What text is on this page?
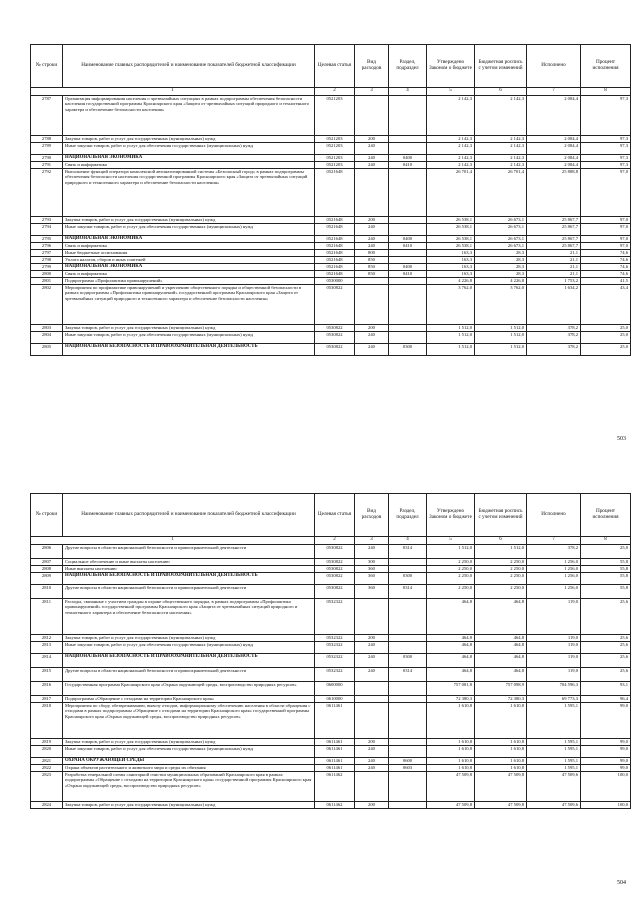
№ строки	Наименование главных распорядителей и наименование показателей бюджетной классификации	Целевая статья	Вид расходов	Раздел, подраздел	Утверждено Законом о бюджете	Бюджетная роспись с учетом изменений	Исполнено	Процент исполнения
1		2	3	4	5	6	7	8
2787	Организация информирования населения о чрезвычайных ситуациях в рамках подпрограммы обеспечения безопасности населения государственной программы Красноярского края «Защита от чрезвычайных ситуаций природного и техногенного характера и обеспечение безопасности населения»	0521203			2 142,3	2 142,3	2 084,4	97,3
2788	Закупка товаров, работ и услуг для государственных (муниципальных) нужд	0521203	200		2 142,3	2 142,3	2 084,4	97,3
2789	Иные закупки товаров, работ и услуг для обеспечения государственных (муниципальных) нужд	0521203	240		2 142,3	2 142,3	2 084,4	97,3
2790	НАЦИОНАЛЬНАЯ ЭКОНОМИКА	0521203	240	0400	2 142,3	2 142,3	2 084,4	97,3
2791	Связь и информатика	0521203	240	0410	2 142,3	2 142,3	2 084,4	97,3
2792	Выполнение функций оператора комплексной автоматизированной системы «Безопасный город» в рамках подпрограммы обеспечения безопасности населения государственной программы Красноярского края «Защита от чрезвычайных ситуаций природного и техногенного характера и обеспечение безопасности населения»	0521648			26 701,4	26 701,4	25 888,8	97,0
2793	Закупка товаров, работ и услуг для государственных (муниципальных) нужд	0521648	200		26 538,1	26 673,1	25 867,7	97,0
2794	Иные закупки товаров, работ и услуг для обеспечения государственных (муниципальных) нужд	0521648	240		26 538,1	26 673,1	25 867,7	97,0
2795	НАЦИОНАЛЬНАЯ ЭКОНОМИКА	0521648	240	0400	26 538,1	26 673,1	25 867,7	97,0
2796	Связь и информатика	0521648	240	0410	26 538,1	26 673,1	25 867,7	97,0
2797	Иные бюджетные ассигнования	0521648	800		163,3	28,3	21,1	74,6
2798	Уплата налогов, сборов и иных платежей	0521648	850		163,3	28,3	21,1	74,6
2799	НАЦИОНАЛЬНАЯ ЭКОНОМИКА	0521648	850	0400	163,3	28,3	21,1	74,6
2800	Связь и информатика	0521648	850	0410	163,3	28,3	21,1	74,6
2801	Подпрограмма «Профилактика правонарушений»	0530000			4 226,8	4 226,8	1 753,2	41,5
2802	Мероприятия по профилактике правонарушений и укреплению общественного порядка и общественной безопасности в рамках подпрограммы «Профилактика правонарушений» государственной программы Красноярского края «Защита от чрезвычайных ситуаций природного и техногенного характера и обеспечение безопасности населения»	0530822			3 762,0	3 762,0	1 634,2	43,4
2803	Закупка товаров, работ и услуг для государственных (муниципальных) нужд	0530822	200		1 512,0	1 512,0	378,2	25,0
2804	Иные закупки товаров, работ и услуг для обеспечения государственных (муниципальных) нужд	0530822	240		1 512,0	1 512,0	378,2	25,0
2805	НАЦИОНАЛЬНАЯ БЕЗОПАСНОСТЬ И ПРАВООХРАНИТЕЛЬНАЯ ДЕЯТЕЛЬНОСТЬ	0530822	240	0300	1 512,0	1 512,0	378,2	25,0
503
№ строки	Наименование главных распорядителей и наименование показателей бюджетной классификации	Целевая статья	Вид расходов	Раздел, подраздел	Утверждено Законом о бюджете	Бюджетная роспись с учетом изменений	Исполнено	Процент исполнения
1		2	3	4	5	6	7	8
2806	Другие вопросы в области национальной безопасности и правоохранительной деятельности	0530822	240	0314	1 512,0	1 512,0	378,2	25,0
2807	Социальное обеспечение и иные выплаты населению	0530822	300		2 250,0	2 250,0	1 256,0	55,8
2808	Иные выплаты населению	0530822	360		2 250,0	2 250,0	1 256,0	55,8
2809	НАЦИОНАЛЬНАЯ БЕЗОПАСНОСТЬ И ПРАВООХРАНИТЕЛЬНАЯ ДЕЯТЕЛЬНОСТЬ	0530822	360	0300	2 250,0	2 250,0	1 256,0	55,8
2810	Другие вопросы в области национальной безопасности и правоохранительной деятельности	0530822	360	0314	2 250,0	2 250,0	1 256,0	55,8
2811	Расходы, связанные с участием граждан в охране общественного порядка, в рамках подпрограммы «Профилактика правонарушений» государственной программы Красноярского края «Защита от чрезвычайных ситуаций природного и техногенного характера и обеспечение безопасности населения»	0532322			464,8	464,8	119,0	25,6
2812	Закупка товаров, работ и услуг для государственных (муниципальных) нужд	0532322	200		464,8	464,8	119,0	25,6
2813	Иные закупки товаров, работ и услуг для обеспечения государственных (муниципальных) нужд	0532322	240		464,8	464,8	119,0	25,6
2814	НАЦИОНАЛЬНАЯ БЕЗОПАСНОСТЬ И ПРАВООХРАНИТЕЛЬНАЯ ДЕЯТЕЛЬНОСТЬ	0532322	240	0300	464,8	464,8	119,0	25,6
2815	Другие вопросы в области национальной безопасности и правоохранительной деятельности	0532322	240	0314	464,8	464,8	119,0	25,6
2816	Государственная программа Красноярского края «Охрана окружающей среды, воспроизводство природных ресурсов»	0600000			757 081,8	757 098,9	704 596,3	93,1
2817	Подпрограмма «Обращение с отходами на территории Красноярского края»	0610000			72 380,3	72 380,3	69 773,3	96,4
2818	Мероприятия по сбору, обезвреживанию, вывозу отходов, информационному обеспечению населения в области обращения с отходами в рамках подпрограммы «Обращение с отходами на территории Красноярского края» государственной программы Красноярского края «Охрана окружающей среды, воспроизводство природных ресурсов»	0611461			1 610,8	1 610,8	1 595,1	99,0
2819	Закупка товаров, работ и услуг для государственных (муниципальных) нужд	0611461	200		1 610,8	1 610,8	1 595,1	99,0
2820	Иные закупки товаров, работ и услуг для обеспечения государственных (муниципальных) нужд	0611461	240		1 610,8	1 610,8	1 595,1	99,0
2821	ОХРАНА ОКРУЖАЮЩЕЙ СРЕДЫ	0611461	240	0600	1 610,8	1 610,8	1 595,1	99,0
2822	Охрана объектов растительного и животного мира и среды их обитания	0611461	240	0603	1 610,8	1 610,8	1 595,1	99,0
2823	Разработка генеральной схемы санитарной очистки муниципальных образований Красноярского края в рамках подпрограммы «Обращение с отходами на территории Красноярского края» государственной программы Красноярского края «Охрана окружающей среды, воспроизводство природных ресурсов»	0611462			47 509,8	47 509,8	47 509,6	100,0
2824	Закупка товаров, работ и услуг для государственных (муниципальных) нужд	0611462	200		47 509,8	47 509,8	47 509,6	100,0
504
